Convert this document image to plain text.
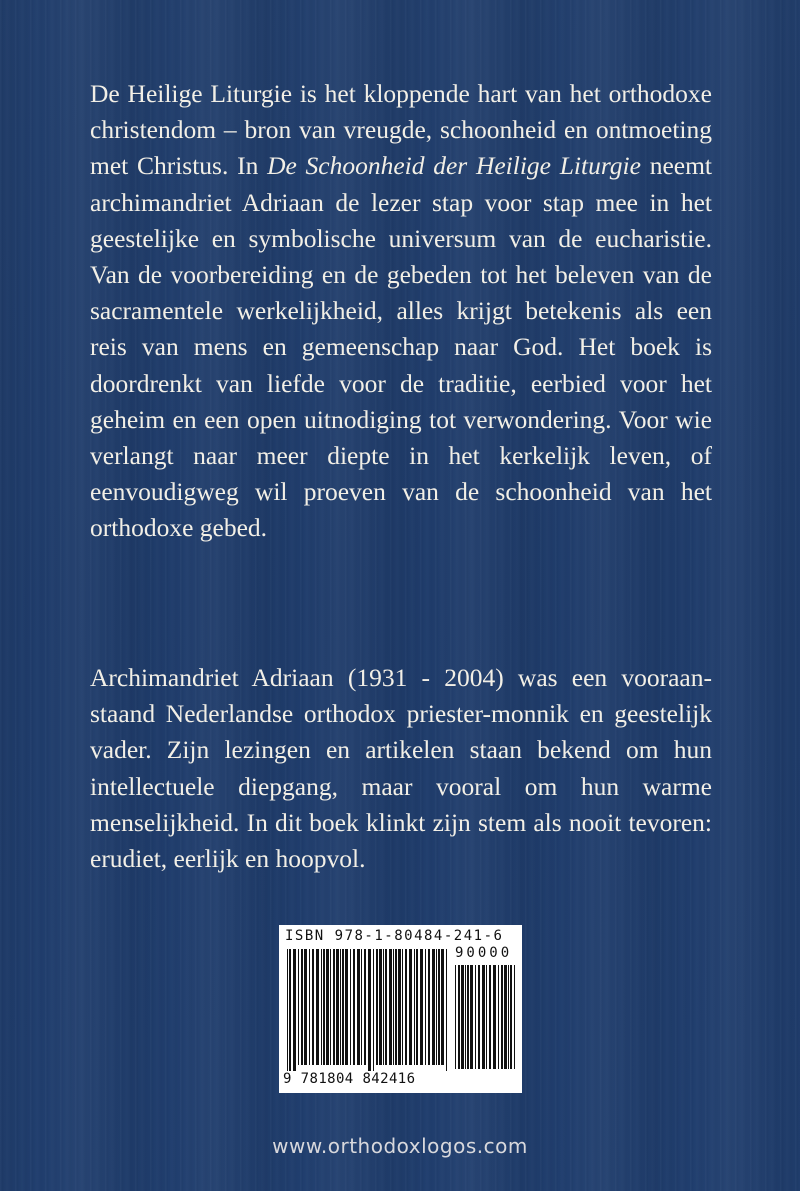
De Heilige Liturgie is het kloppende hart van het orthodoxe christendom – bron van vreugde, schoonheid en ontmoeting met Christus. In De Schoonheid der Heilige Liturgie neemt archimandriet Adriaan de lezer stap voor stap mee in het geestelijke en symbolische universum van de eucharistie. Van de voorbereiding en de gebeden tot het beleven van de sacramentele werkelijkheid, alles krijgt betekenis als een reis van mens en gemeenschap naar God. Het boek is doordrenkt van liefde voor de traditie, eerbied voor het geheim en een open uitnodiging tot verwondering. Voor wie verlangt naar meer diepte in het kerkelijk leven, of eenvoudigweg wil proeven van de schoonheid van het orthodoxe gebed.

Archimandriet Adriaan (1931 - 2004) was een vooraanstaand Nederlandse orthodox priester-monnik en geestelijk vader. Zijn lezingen en artikelen staan bekend om hun intellectuele diepgang, maar vooral om hun warme menselijkheid. In dit boek klinkt zijn stem als nooit tevoren: erudiet, eerlijk en hoopvol.

ISBN 978-1-80484-241-6
90000
9 781804 842416
www.orthodoxlogos.com
